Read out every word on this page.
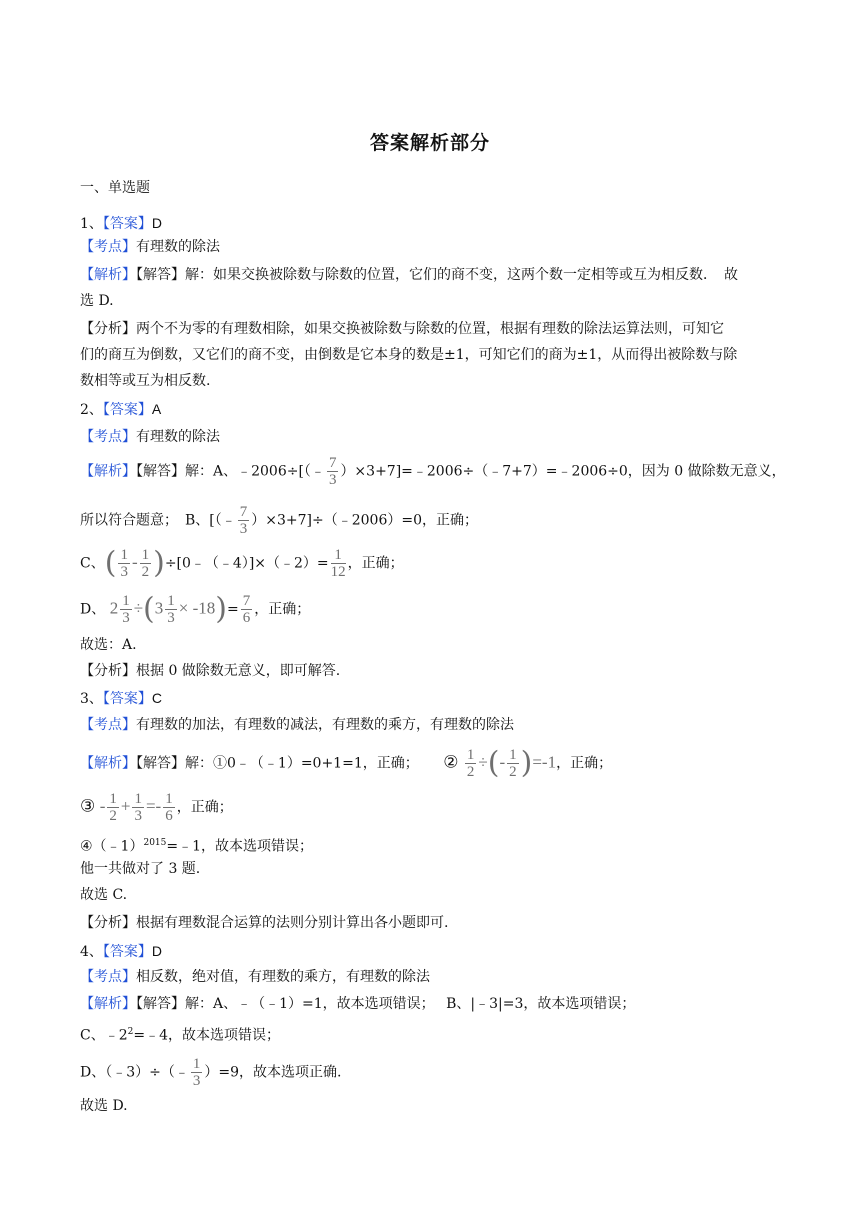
答案解析部分
一、单选题
1、【答案】D
【考点】有理数的除法
【解析】【解答】解：如果交换被除数与除数的位置，它们的商不变，这两个数一定相等或互为相反数．　故
选 D.
【分析】两个不为零的有理数相除，如果交换被除数与除数的位置，根据有理数的除法运算法则，可知它
们的商互为倒数，又它们的商不变，由倒数是它本身的数是±1，可知它们的商为±1，从而得出被除数与除
数相等或互为相反数.
2、【答案】A
【考点】有理数的除法
【解析】【解答】解：A、﹣2006÷[（﹣ $\frac{7}{3}$ ）×3+7]=﹣2006÷（﹣7+7）=﹣2006÷0，因为 0 做除数无意义，
所以符合题意；　B、[（﹣ $\frac{7}{3}$ ）×3+7]÷（﹣2006）=0，正确；
C、( $\frac{1}{3} - \frac{1}{2}$ )÷[0﹣（﹣4）]×（﹣2）= $\frac{1}{12}$ ，正确；
D、 $2 \frac{1}{3} \div(3 \frac{1}{3} \times -18)= \frac{7}{6}$ ，正确；
故选：A.
【分析】根据 0 做除数无意义，即可解答.
3、【答案】C
【考点】有理数的加法，有理数的减法，有理数的乘方，有理数的除法
【解析】【解答】解：①0﹣（﹣1）=0+1=1，正确； ② $\frac{1}{2}$ ÷(- $\frac{1}{2} )=-1$，正确；
③ - $\frac{1}{2} + \frac{1}{3} =- \frac{1}{6}$ ，正确；
④（﹣1）$^{2015}$=﹣1，故本选项错误；
他一共做对了 3 题.
故选 C.
【分析】根据有理数混合运算的法则分别计算出各小题即可.
4、【答案】D
【考点】相反数，绝对值，有理数的乘方，有理数的除法
【解析】【解答】解：A、﹣（﹣1）=1，故本选项错误；　 B、|﹣3|=3，故本选项错误；
C、$﹣2^2=﹣4$，故本选项错误；
D、（﹣3）÷（﹣ $\frac{1}{3} )=9$，故本选项正确.
故选 D.
